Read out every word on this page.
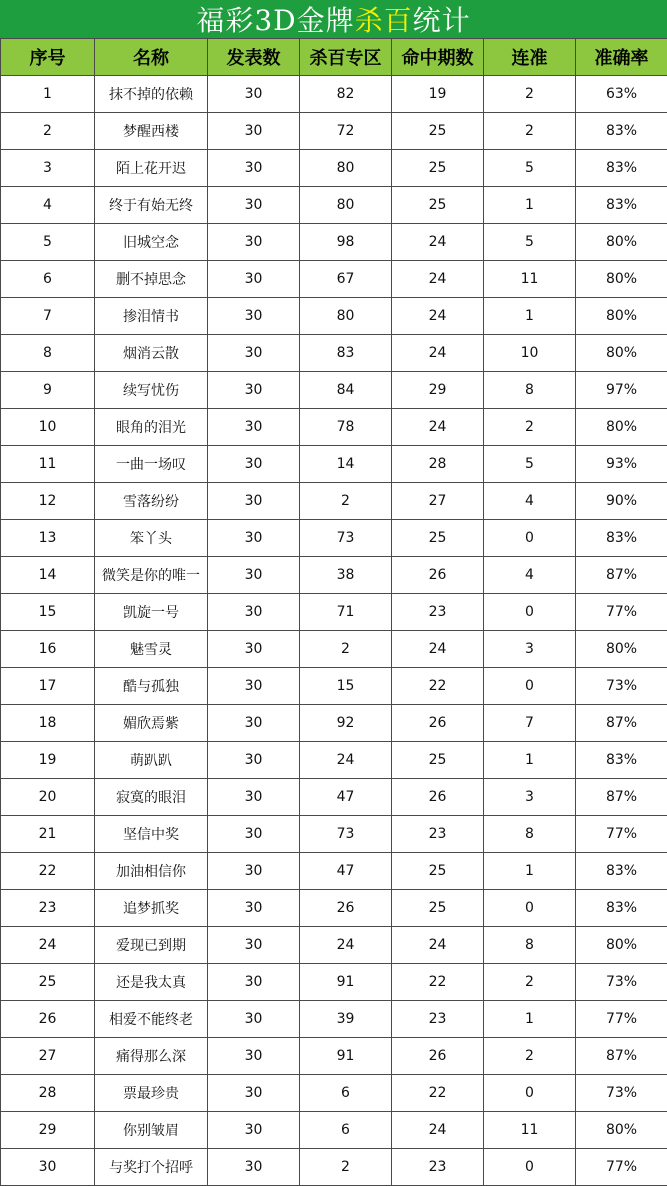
福彩3D金牌 杀百 统计
序号	名称	发表数	杀百专区	命中期数	连准	准确率
1	抹不掉的依赖	30	82	19	2	63%
2	梦醒西楼	30	72	25	2	83%
3	陌上花开迟	30	80	25	5	83%
4	终于有始无终	30	80	25	1	83%
5	旧城空念	30	98	24	5	80%
6	删不掉思念	30	67	24	11	80%
7	掺泪情书	30	80	24	1	80%
8	烟消云散	30	83	24	10	80%
9	续写忧伤	30	84	29	8	97%
10	眼角的泪光	30	78	24	2	80%
11	一曲一场叹	30	14	28	5	93%
12	雪落纷纷	30	2	27	4	90%
13	笨丫头	30	73	25	0	83%
14	微笑是你的唯一	30	38	26	4	87%
15	凯旋一号	30	71	23	0	77%
16	魅雪灵	30	2	24	3	80%
17	酷与孤独	30	15	22	0	73%
18	媚欣焉紫	30	92	26	7	87%
19	萌趴趴	30	24	25	1	83%
20	寂寞的眼泪	30	47	26	3	87%
21	坚信中奖	30	73	23	8	77%
22	加油相信你	30	47	25	1	83%
23	追梦抓奖	30	26	25	0	83%
24	爱现已到期	30	24	24	8	80%
25	还是我太真	30	91	22	2	73%
26	相爱不能终老	30	39	23	1	77%
27	痛得那么深	30	91	26	2	87%
28	票最珍贵	30	6	22	0	73%
29	你别皱眉	30	6	24	11	80%
30	与奖打个招呼	30	2	23	0	77%
